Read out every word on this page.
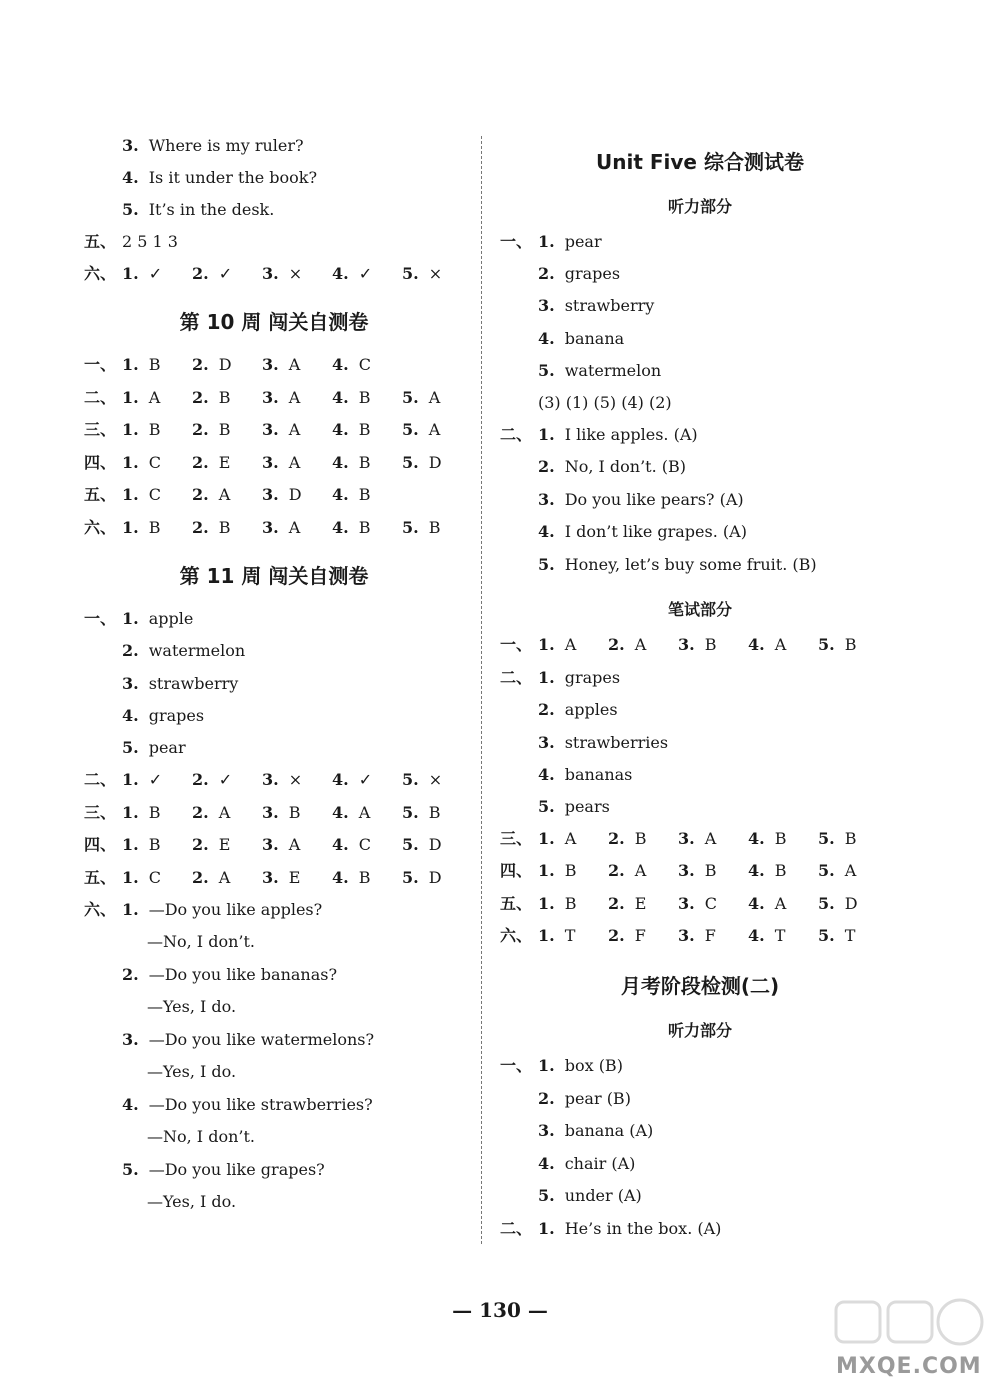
3. Where is my ruler?
4. Is it under the book?
5. It’s in the desk.
五、 2 5 1 3
六、 1. ✓ 2. ✓ 3. × 4. ✓ 5. ×
第 10 周 闯关自测卷
一、 1. B 2. D 3. A 4. C
二、 1. A 2. B 3. A 4. B 5. A
三、 1. B 2. B 3. A 4. B 5. A
四、 1. C 2. E 3. A 4. B 5. D
五、 1. C 2. A 3. D 4. B
六、 1. B 2. B 3. A 4. B 5. B
第 11 周 闯关自测卷
一、 1. apple
2. watermelon
3. strawberry
4. grapes
5. pear
二、 1. ✓ 2. ✓ 3. × 4. ✓ 5. ×
三、 1. B 2. A 3. B 4. A 5. B
四、 1. B 2. E 3. A 4. C 5. D
五、 1. C 2. A 3. E 4. B 5. D
六、 1. —Do you like apples?
—No, I don’t.
2. —Do you like bananas?
—Yes, I do.
3. —Do you like watermelons?
—Yes, I do.
4. —Do you like strawberries?
—No, I don’t.
5. —Do you like grapes?
—Yes, I do.
Unit Five 综合测试卷
听力部分
一、 1. pear
2. grapes
3. strawberry
4. banana
5. watermelon
(3) (1) (5) (4) (2)
二、 1. I like apples. (A)
2. No, I don’t. (B)
3. Do you like pears? (A)
4. I don’t like grapes. (A)
5. Honey, let’s buy some fruit. (B)
笔试部分
一、 1. A 2. A 3. B 4. A 5. B
二、 1. grapes
2. apples
3. strawberries
4. bananas
5. pears
三、 1. A 2. B 3. A 4. B 5. B
四、 1. B 2. A 3. B 4. B 5. A
五、 1. B 2. E 3. C 4. A 5. D
六、 1. T 2. F 3. F 4. T 5. T
月考阶段检测(二)
听力部分
一、 1. box (B)
2. pear (B)
3. banana (A)
4. chair (A)
5. under (A)
二、 1. He’s in the box. (A)
— 130 —
MXQE.COM
